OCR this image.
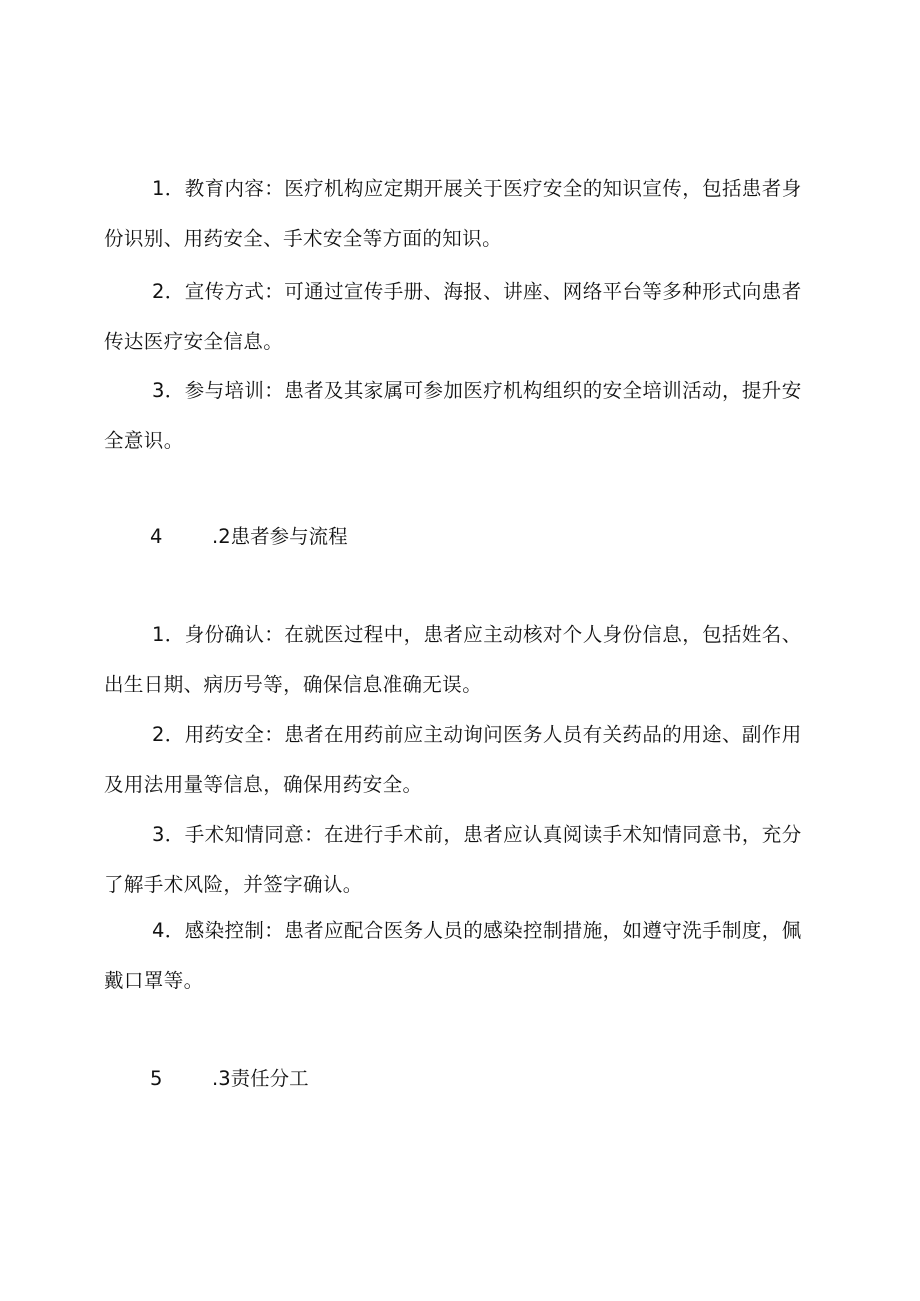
1．教育内容：医疗机构应定期开展关于医疗安全的知识宣传，包括患者身份识别、用药安全、手术安全等方面的知识。

2．宣传方式：可通过宣传手册、海报、讲座、网络平台等多种形式向患者传达医疗安全信息。

3．参与培训：患者及其家属可参加医疗机构组织的安全培训活动，提升安全意识。

4	.2患者参与流程

1．身份确认：在就医过程中，患者应主动核对个人身份信息，包括姓名、出生日期、病历号等，确保信息准确无误。

2．用药安全：患者在用药前应主动询问医务人员有关药品的用途、副作用及用法用量等信息，确保用药安全。

3．手术知情同意：在进行手术前，患者应认真阅读手术知情同意书，充分了解手术风险，并签字确认。

4．感染控制：患者应配合医务人员的感染控制措施，如遵守洗手制度，佩戴口罩等。

5	.3责任分工
